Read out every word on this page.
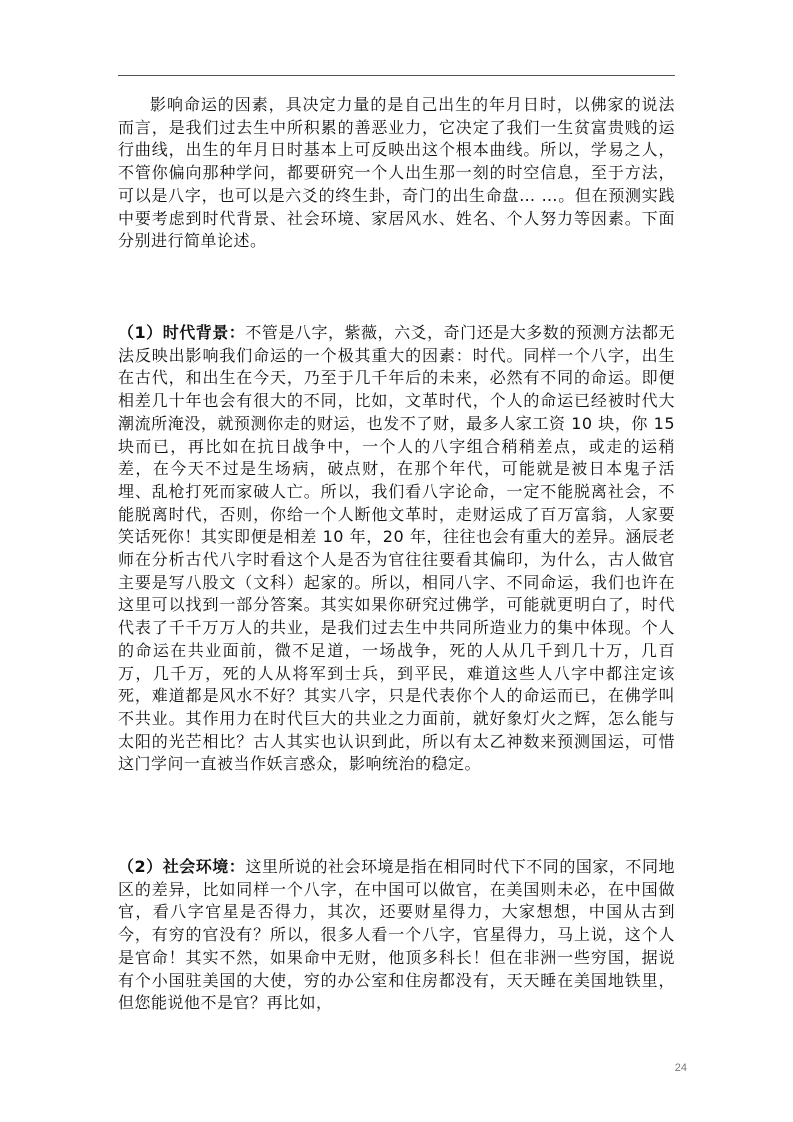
影响命运的因素，具决定力量的是自己出生的年月日时，以佛家的说法而言，是我们过去生中所积累的善恶业力，它决定了我们一生贫富贵贱的运行曲线，出生的年月日时基本上可反映出这个根本曲线。所以，学易之人，不管你偏向那种学问，都要研究一个人出生那一刻的时空信息，至于方法，可以是八字，也可以是六爻的终生卦，奇门的出生命盘… …。但在预测实践中要考虑到时代背景、社会环境、家居风水、姓名、个人努力等因素。下面分别进行简单论述。

（1）时代背景：不管是八字，紫薇，六爻，奇门还是大多数的预测方法都无法反映出影响我们命运的一个极其重大的因素：时代。同样一个八字，出生在古代，和出生在今天，乃至于几千年后的未来，必然有不同的命运。即便相差几十年也会有很大的不同，比如，文革时代，个人的命运已经被时代大潮流所淹没，就预测你走的财运，也发不了财，最多人家工资 10 块，你 15 块而已，再比如在抗日战争中，一个人的八字组合稍稍差点，或走的运稍差，在今天不过是生场病，破点财，在那个年代，可能就是被日本鬼子活埋、乱枪打死而家破人亡。所以，我们看八字论命，一定不能脱离社会，不能脱离时代，否则，你给一个人断他文革时，走财运成了百万富翁，人家要笑话死你！其实即便是相差 10 年，20 年，往往也会有重大的差异。涵辰老师在分析古代八字时看这个人是否为官往往要看其偏印，为什么，古人做官主要是写八股文（文科）起家的。所以，相同八字、不同命运，我们也许在这里可以找到一部分答案。其实如果你研究过佛学，可能就更明白了，时代代表了千千万万人的共业，是我们过去生中共同所造业力的集中体现。个人的命运在共业面前，微不足道，一场战争，死的人从几千到几十万，几百万，几千万，死的人从将军到士兵，到平民，难道这些人八字中都注定该死，难道都是风水不好？其实八字，只是代表你个人的命运而已，在佛学叫不共业。其作用力在时代巨大的共业之力面前，就好象灯火之辉，怎么能与太阳的光芒相比？古人其实也认识到此，所以有太乙神数来预测国运，可惜这门学问一直被当作妖言惑众，影响统治的稳定。

（2）社会环境：这里所说的社会环境是指在相同时代下不同的国家，不同地区的差异，比如同样一个八字，在中国可以做官，在美国则未必，在中国做官，看八字官星是否得力，其次，还要财星得力，大家想想，中国从古到今，有穷的官没有？所以，很多人看一个八字，官星得力，马上说，这个人是官命！其实不然，如果命中无财，他顶多科长！但在非洲一些穷国，据说有个小国驻美国的大使，穷的办公室和住房都没有，天天睡在美国地铁里，但您能说他不是官？再比如，

24
